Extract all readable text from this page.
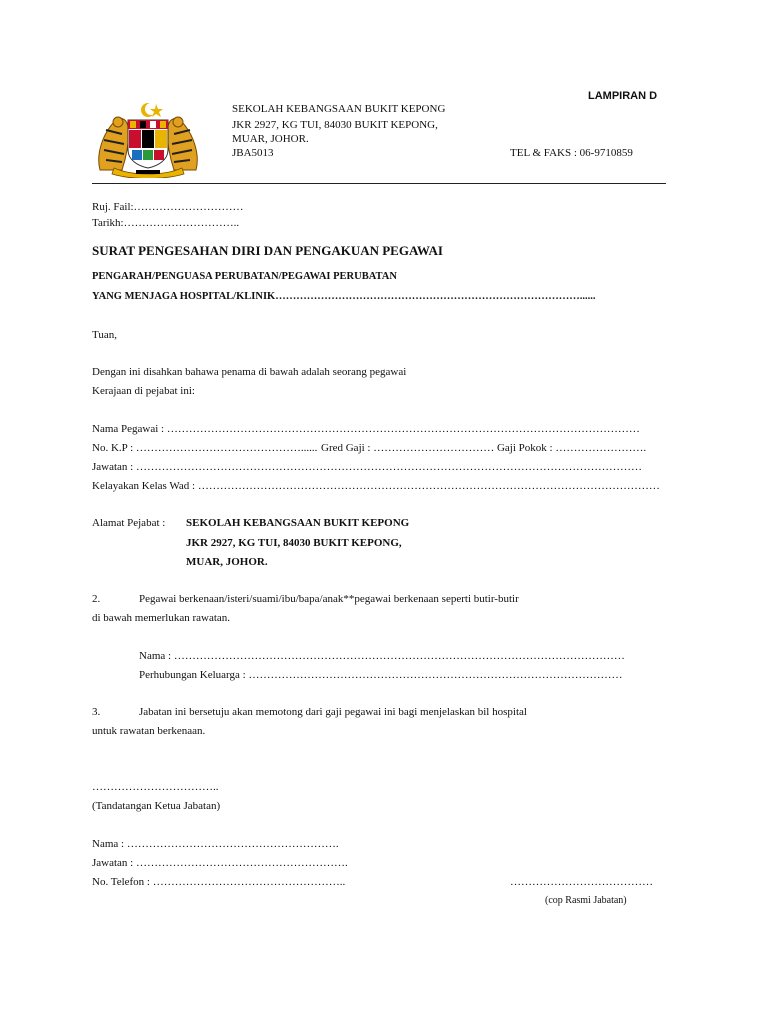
LAMPIRAN D
SEKOLAH KEBANGSAAN BUKIT KEPONG
JKR 2927, KG TUI, 84030 BUKIT KEPONG,
MUAR, JOHOR.
JBA5013	TEL & FAKS : 06-9710859
Ruj. Fail:…………………………
Tarikh:…………………………..
SURAT PENGESAHAN DIRI DAN PENGAKUAN PEGAWAI
PENGARAH/PENGUASA PERUBATAN/PEGAWAI PERUBATAN
YANG MENJAGA HOSPITAL/KLINIK……………………………………………………………………………......
Tuan,
Dengan ini disahkan bahawa penama di bawah adalah seorang pegawai
Kerajaan di pejabat ini:
Nama Pegawai : …………………………………………………………………………………………………………………
No. K.P : ………………………………………...... Gred Gaji : …………………………… Gaji Pokok : …………………….
Jawatan : …………………………………………………………………………………………………………………………
Kelayakan Kelas Wad : ………………………………………………………………………………………………………………
Alamat Pejabat : SEKOLAH KEBANGSAAN BUKIT KEPONG
JKR 2927, KG TUI, 84030 BUKIT KEPONG,
MUAR, JOHOR.
2.	Pegawai berkenaan/isteri/suami/ibu/bapa/anak**pegawai berkenaan seperti butir-butir
di bawah memerlukan rawatan.
Nama : ……………………………………………………………………………………………………………
Perhubungan Keluarga : …………………………………………………………………………………………
3.	Jabatan ini bersetuju akan memotong dari gaji pegawai ini bagi menjelaskan bil hospital
untuk rawatan berkenaan.
……………………………..
(Tandatangan Ketua Jabatan)
Nama : ………………………………………………….
Jawatan : ………………………………………………….
No. Telefon : ……………………………………………..	…………………………………
(cop Rasmi Jabatan)
